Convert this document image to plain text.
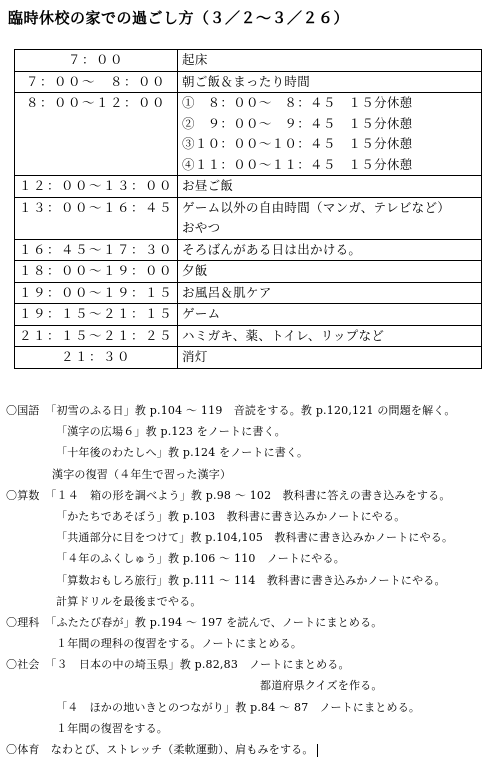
臨時休校の家での過ごし方（３／２～３／２６）
７：００	起床

７：００～　８：００	朝ご飯＆まったり時間

８：００～１２：００	①　８：００～　８：４５　１５分休憩
②　９：００～　９：４５　１５分休憩
③１０：００～１０：４５　１５分休憩
④１１：００～１１：４５　１５分休憩

１２：００～１３：００	お昼ご飯

１３：００～１６：４５	ゲーム以外の自由時間（マンガ、テレビなど）
おやつ

１６：４５～１７：３０	そろばんがある日は出かける。

１８：００～１９：００	夕飯

１９：００～１９：１５	お風呂＆肌ケア

１９：１５～２１：１５	ゲーム

２１：１５～２１：２５	ハミガキ、薬、トイレ、リップなど

２１：３０	消灯
〇国語　「初雪のふる日」教 p.104 ～ 119　音読をする。教 p.120,121 の問題を解く。
「漢字の広場６」教 p.123 をノートに書く。
「十年後のわたしへ」教 p.124 をノートに書く。
漢字の復習（４年生で習った漢字）
〇算数　「１４　箱の形を調べよう」教 p.98 ～ 102　教科書に答えの書き込みをする。
「かたちであそぼう」教 p.103　教科書に書き込みかノートにやる。
「共通部分に目をつけて」教 p.104,105　教科書に書き込みかノートにやる。
「４年のふくしゅう」教 p.106 ～ 110　ノートにやる。
「算数おもしろ旅行」教 p.111 ～ 114　教科書に書き込みかノートにやる。
計算ドリルを最後までやる。
〇理科　「ふたたび春が」教 p.194 ～ 197 を読んで、ノートにまとめる。
１年間の理科の復習をする。ノートにまとめる。
〇社会　「３　日本の中の埼玉県」教 p.82,83　ノートにまとめる。
都道府県クイズを作る。
「４　ほかの地いきとのつながり」教 p.84 ～ 87　ノートにまとめる。
１年間の復習をする。
〇体育　なわとび、ストレッチ（柔軟運動）、肩もみをする。
